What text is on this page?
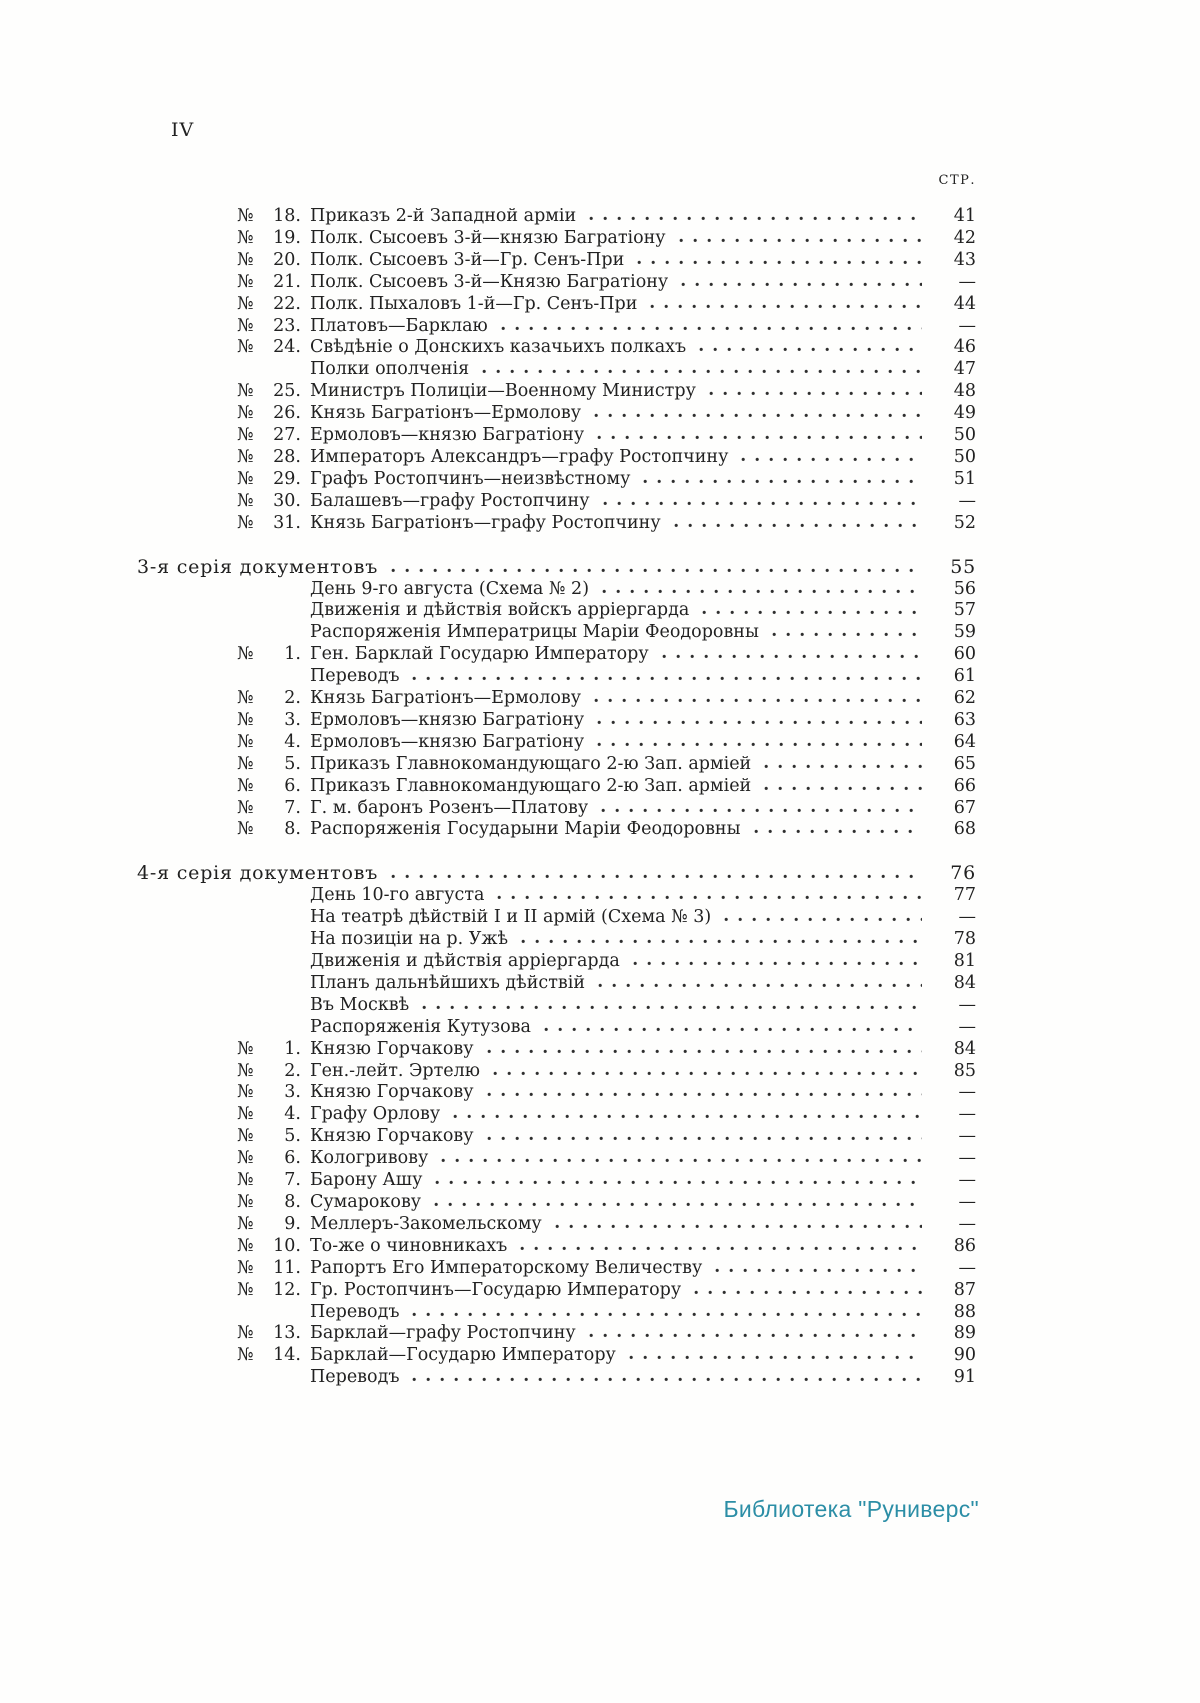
IV
СТР.
№	18. Приказъ 2-й Западной арміи	41
№	19. Полк. Сысоевъ 3-й—князю Багратіону	42
№	20. Полк. Сысоевъ 3-й—Гр. Сенъ-При	43
№	21. Полк. Сысоевъ 3-й—Князю Багратіону	—
№	22. Полк. Пыхаловъ 1-й—Гр. Сенъ-При	44
№	23. Платовъ—Барклаю	—
№	24. Свѣдѣніе о Донскихъ казачьихъ полкахъ	46
Полки ополченія	47
№	25. Министръ Полиціи—Военному Министру	48
№	26. Князь Багратіонъ—Ермолову	49
№	27. Ермоловъ—князю Багратіону	50
№	28. Императоръ Александръ—графу Ростопчину	50
№	29. Графъ Ростопчинъ—неизвѣстному	51
№	30. Балашевъ—графу Ростопчину	—
№	31. Князь Багратіонъ—графу Ростопчину	52
3-я серія документовъ	55
День 9-го августа (Схема № 2)	56
Движенія и дѣйствія войскъ арріергарда	57
Распоряженія Императрицы Маріи Феодоровны	59
№	1. Ген. Барклай Государю Императору	60
Переводъ	61
№	2. Князь Багратіонъ—Ермолову	62
№	3. Ермоловъ—князю Багратіону	63
№	4. Ермоловъ—князю Багратіону	64
№	5. Приказъ Главнокомандующаго 2-ю Зап. арміей	65
№	6. Приказъ Главнокомандующаго 2-ю Зап. арміей	66
№	7. Г. м. баронъ Розенъ—Платову	67
№	8. Распоряженія Государыни Маріи Феодоровны	68
4-я серія документовъ	76
День 10-го августа	77
На театрѣ дѣйствій I и II армій (Схема № 3)	—
На позиціи на р. Ужѣ	78
Движенія и дѣйствія арріергарда	81
Планъ дальнѣйшихъ дѣйствій	84
Въ Москвѣ	—
Распоряженія Кутузова	—
№	1. Князю Горчакову	84
№	2. Ген.-лейт. Эртелю	85
№	3. Князю Горчакову	—
№	4. Графу Орлову	—
№	5. Князю Горчакову	—
№	6. Кологривову	—
№	7. Барону Ашу	—
№	8. Сумарокову	—
№	9. Меллеръ-Закомельскому	—
№	10. То-же о чиновникахъ	86
№	11. Рапортъ Его Императорскому Величеству	—
№	12. Гр. Ростопчинъ—Государю Императору	87
Переводъ	88
№	13. Барклай—графу Ростопчину	89
№	14. Барклай—Государю Императору	90
Переводъ	91
Библиотека "Руниверс"
